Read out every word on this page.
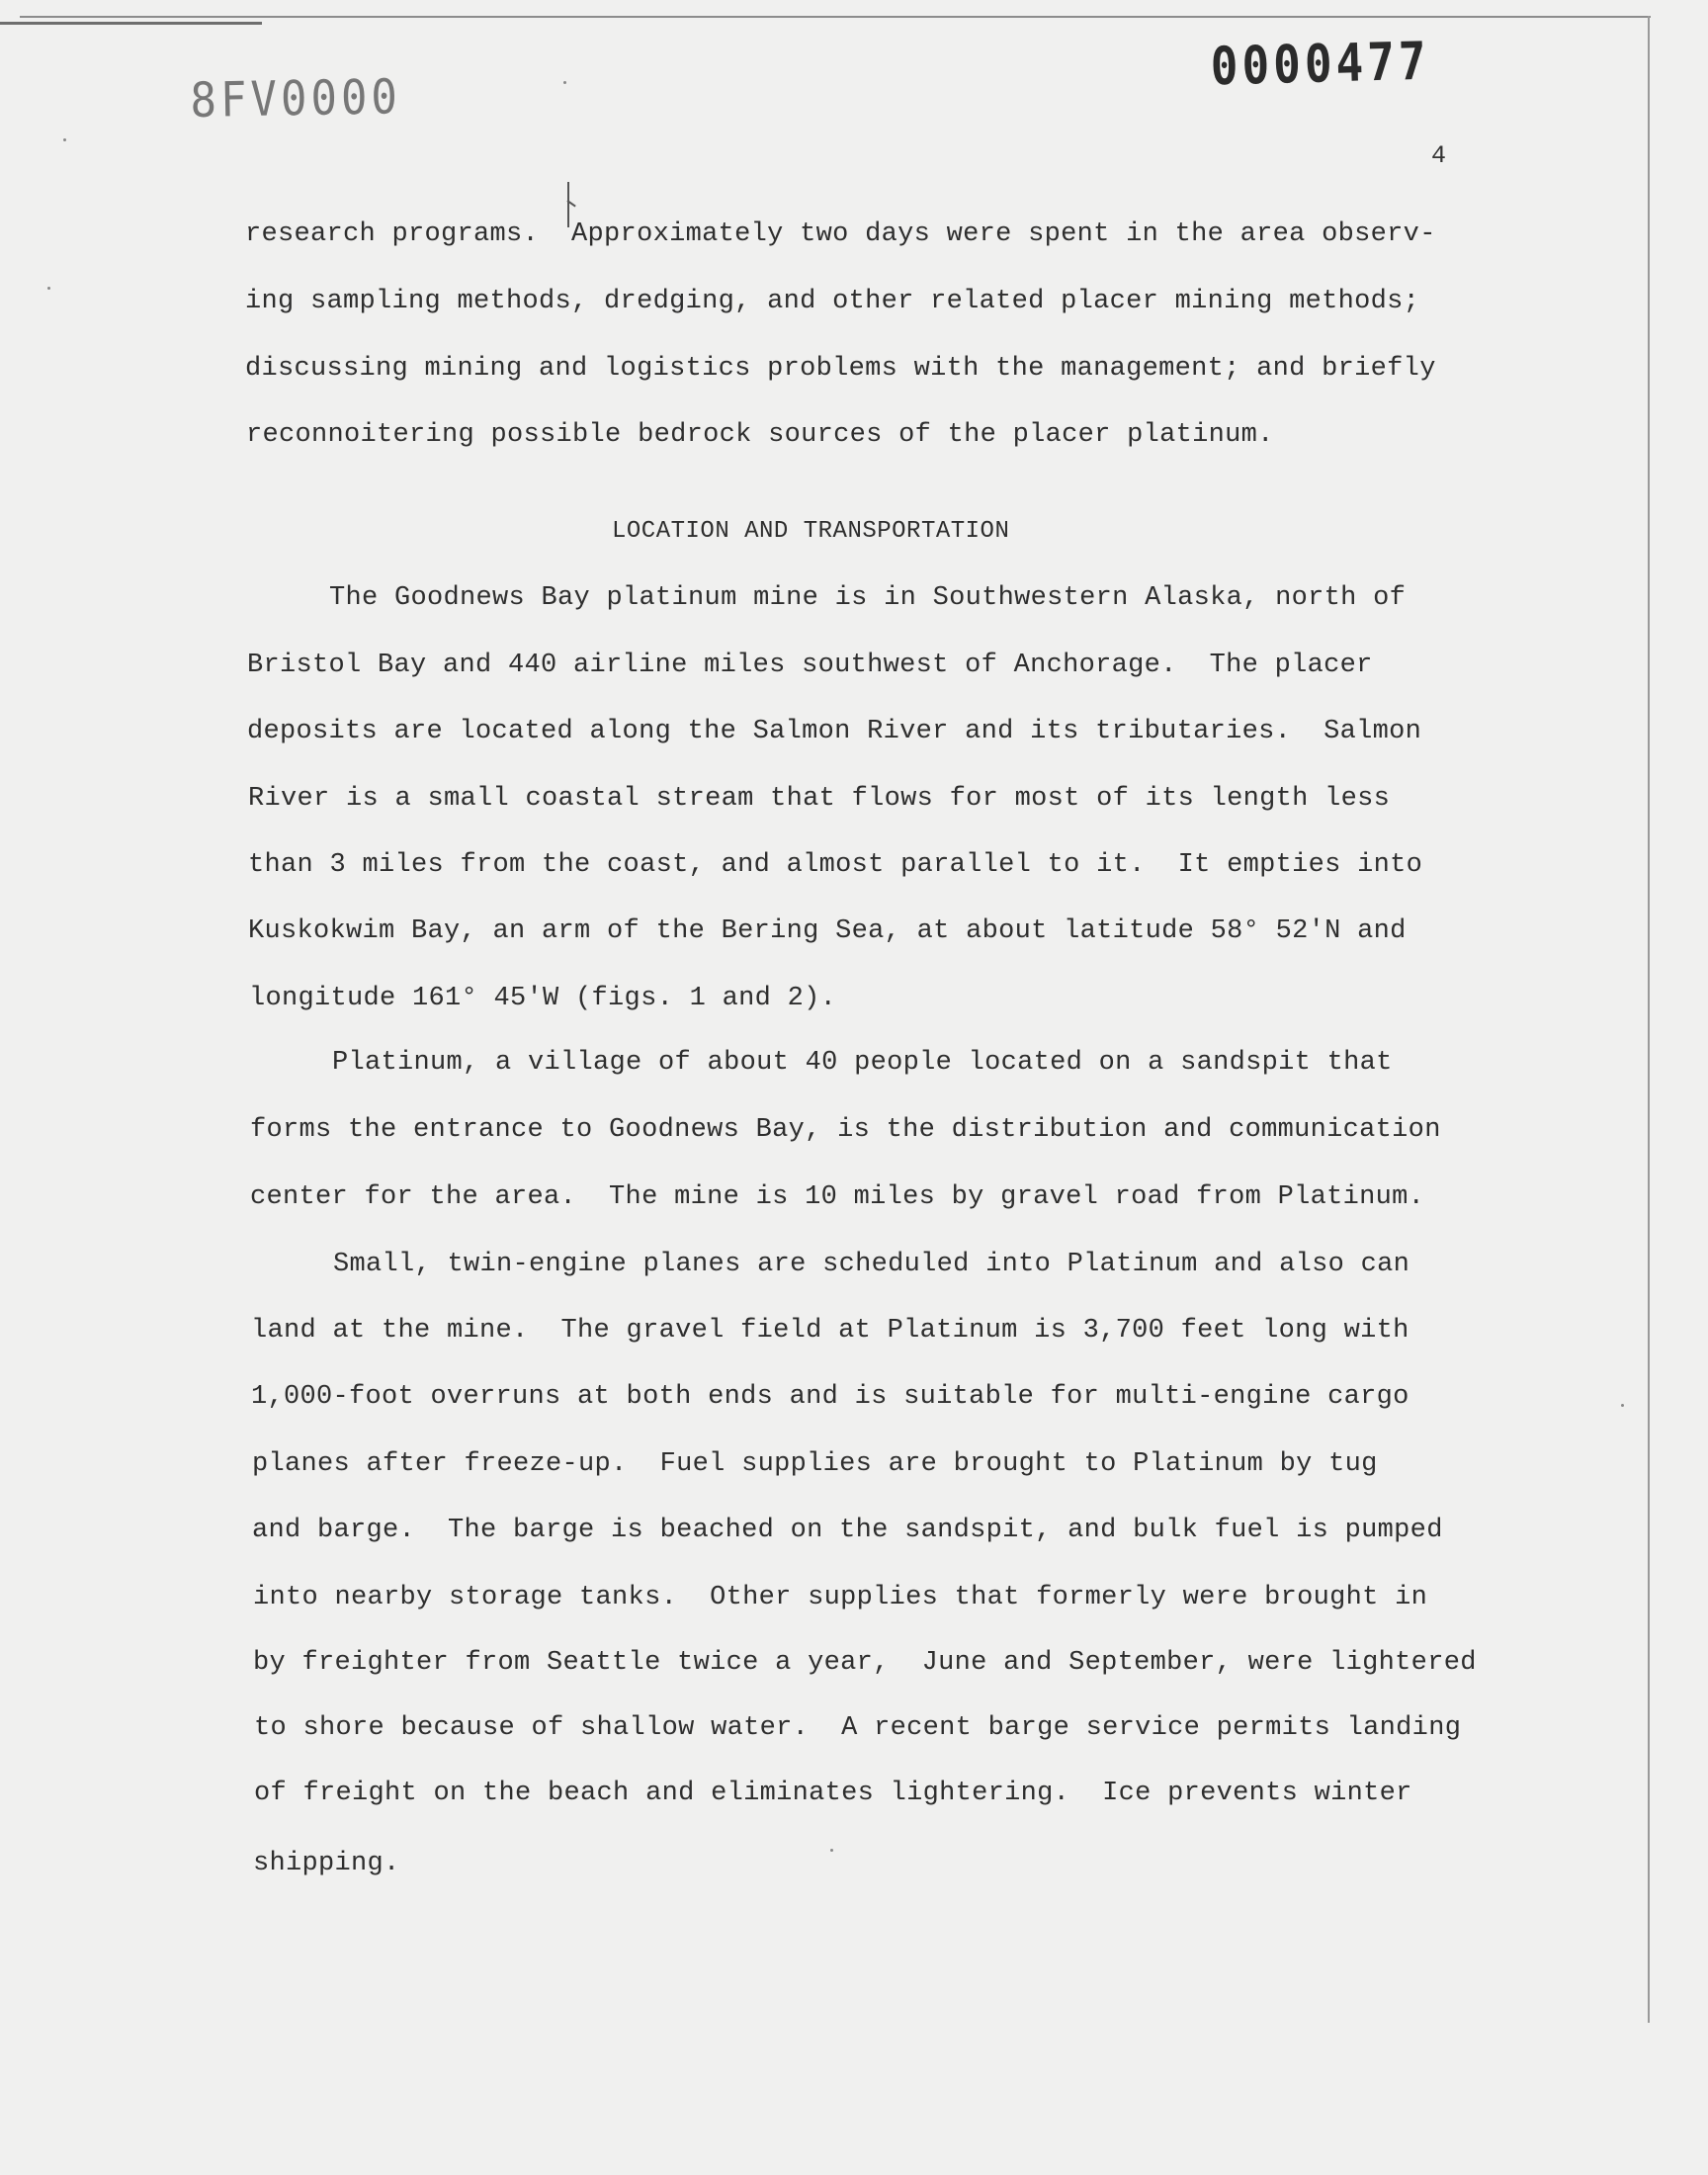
8FV0000
0000477
4
research programs.  Approximately two days were spent in the area observ-
ing sampling methods, dredging, and other related placer mining methods;
discussing mining and logistics problems with the management; and briefly
reconnoitering possible bedrock sources of the placer platinum.
LOCATION AND TRANSPORTATION
The Goodnews Bay platinum mine is in Southwestern Alaska, north of
Bristol Bay and 440 airline miles southwest of Anchorage.  The placer
deposits are located along the Salmon River and its tributaries.  Salmon
River is a small coastal stream that flows for most of its length less
than 3 miles from the coast, and almost parallel to it.  It empties into
Kuskokwim Bay, an arm of the Bering Sea, at about latitude 58° 52'N and
longitude 161° 45'W (figs. 1 and 2).
Platinum, a village of about 40 people located on a sandspit that
forms the entrance to Goodnews Bay, is the distribution and communication
center for the area.  The mine is 10 miles by gravel road from Platinum.
Small, twin-engine planes are scheduled into Platinum and also can
land at the mine.  The gravel field at Platinum is 3,700 feet long with
1,000-foot overruns at both ends and is suitable for multi-engine cargo
planes after freeze-up.  Fuel supplies are brought to Platinum by tug
and barge.  The barge is beached on the sandspit, and bulk fuel is pumped
into nearby storage tanks.  Other supplies that formerly were brought in
by freighter from Seattle twice a year,  June and September, were lightered
to shore because of shallow water.  A recent barge service permits landing
of freight on the beach and eliminates lightering.  Ice prevents winter
shipping.
